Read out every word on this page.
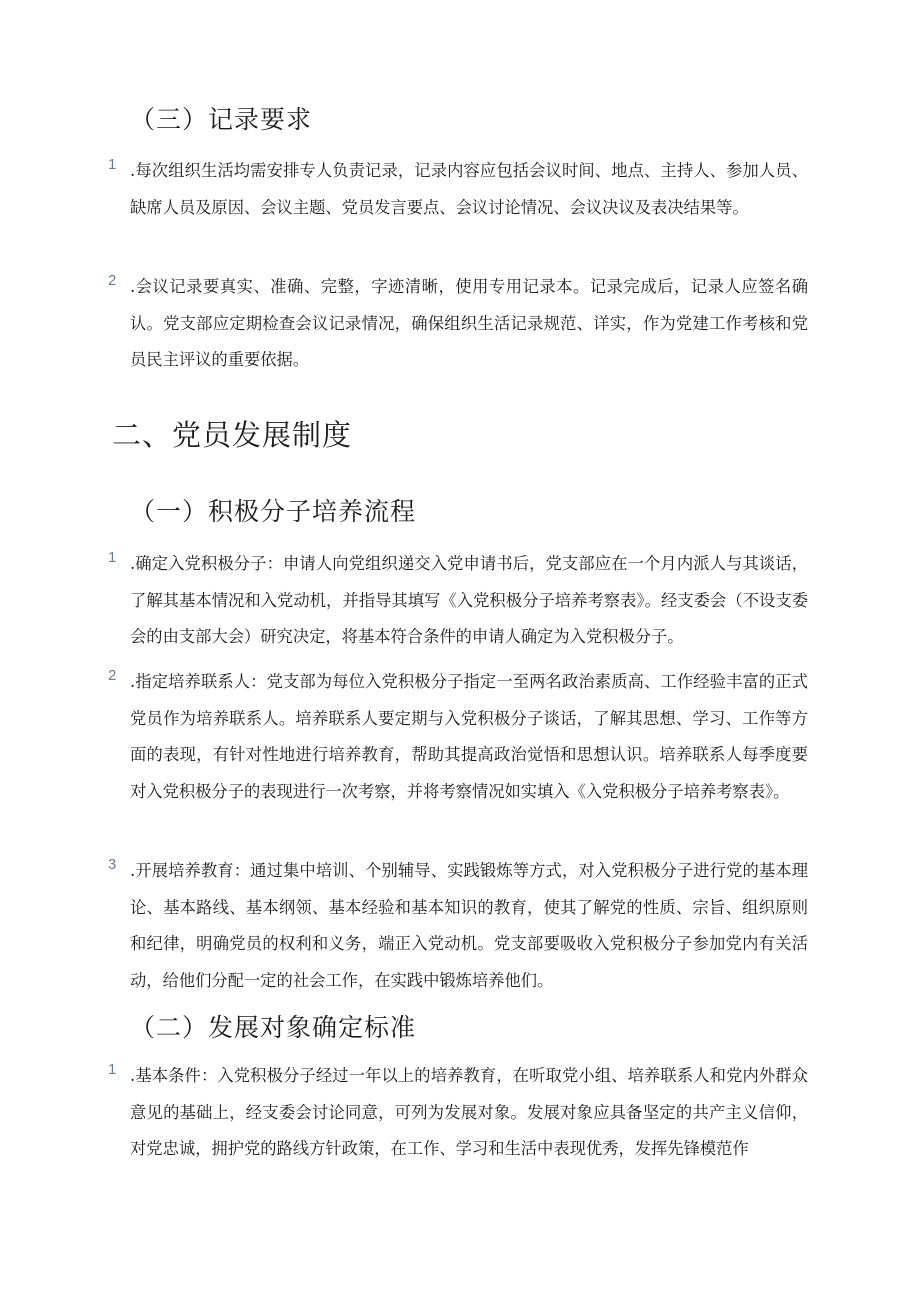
（三）记录要求
1	. 每次组织生活均需安排专人负责记录，记录内容应包括会议时间、地点、主持人、参加人员、缺席人员及原因、会议主题、党员发言要点、会议讨论情况、会议决议及表决结果等。
2	. 会议记录要真实、准确、完整，字迹清晰，使用专用记录本。记录完成后，记录人应签名确认。党支部应定期检查会议记录情况，确保组织生活记录规范、详实，作为党建工作考核和党员民主评议的重要依据。
二、党员发展制度
（一）积极分子培养流程
1	. 确定入党积极分子：申请人向党组织递交入党申请书后，党支部应在一个月内派人与其谈话，了解其基本情况和入党动机，并指导其填写《入党积极分子培养考察表》。经支委会（不设支委会的由支部大会）研究决定，将基本符合条件的申请人确定为入党积极分子。
2	. 指定培养联系人：党支部为每位入党积极分子指定一至两名政治素质高、工作经验丰富的正式党员作为培养联系人。培养联系人要定期与入党积极分子谈话，了解其思想、学习、工作等方面的表现，有针对性地进行培养教育，帮助其提高政治觉悟和思想认识。培养联系人每季度要对入党积极分子的表现进行一次考察，并将考察情况如实填入《入党积极分子培养考察表》。
3	. 开展培养教育：通过集中培训、个别辅导、实践锻炼等方式，对入党积极分子进行党的基本理论、基本路线、基本纲领、基本经验和基本知识的教育，使其了解党的性质、宗旨、组织原则和纪律，明确党员的权利和义务，端正入党动机。党支部要吸收入党积极分子参加党内有关活动，给他们分配一定的社会工作，在实践中锻炼培养他们。
（二）发展对象确定标准
1	. 基本条件：入党积极分子经过一年以上的培养教育，在听取党小组、培养联系人和党内外群众意见的基础上，经支委会讨论同意，可列为发展对象。发展对象应具备坚定的共产主义信仰，对党忠诚，拥护党的路线方针政策，在工作、学习和生活中表现优秀，发挥先锋模范作
